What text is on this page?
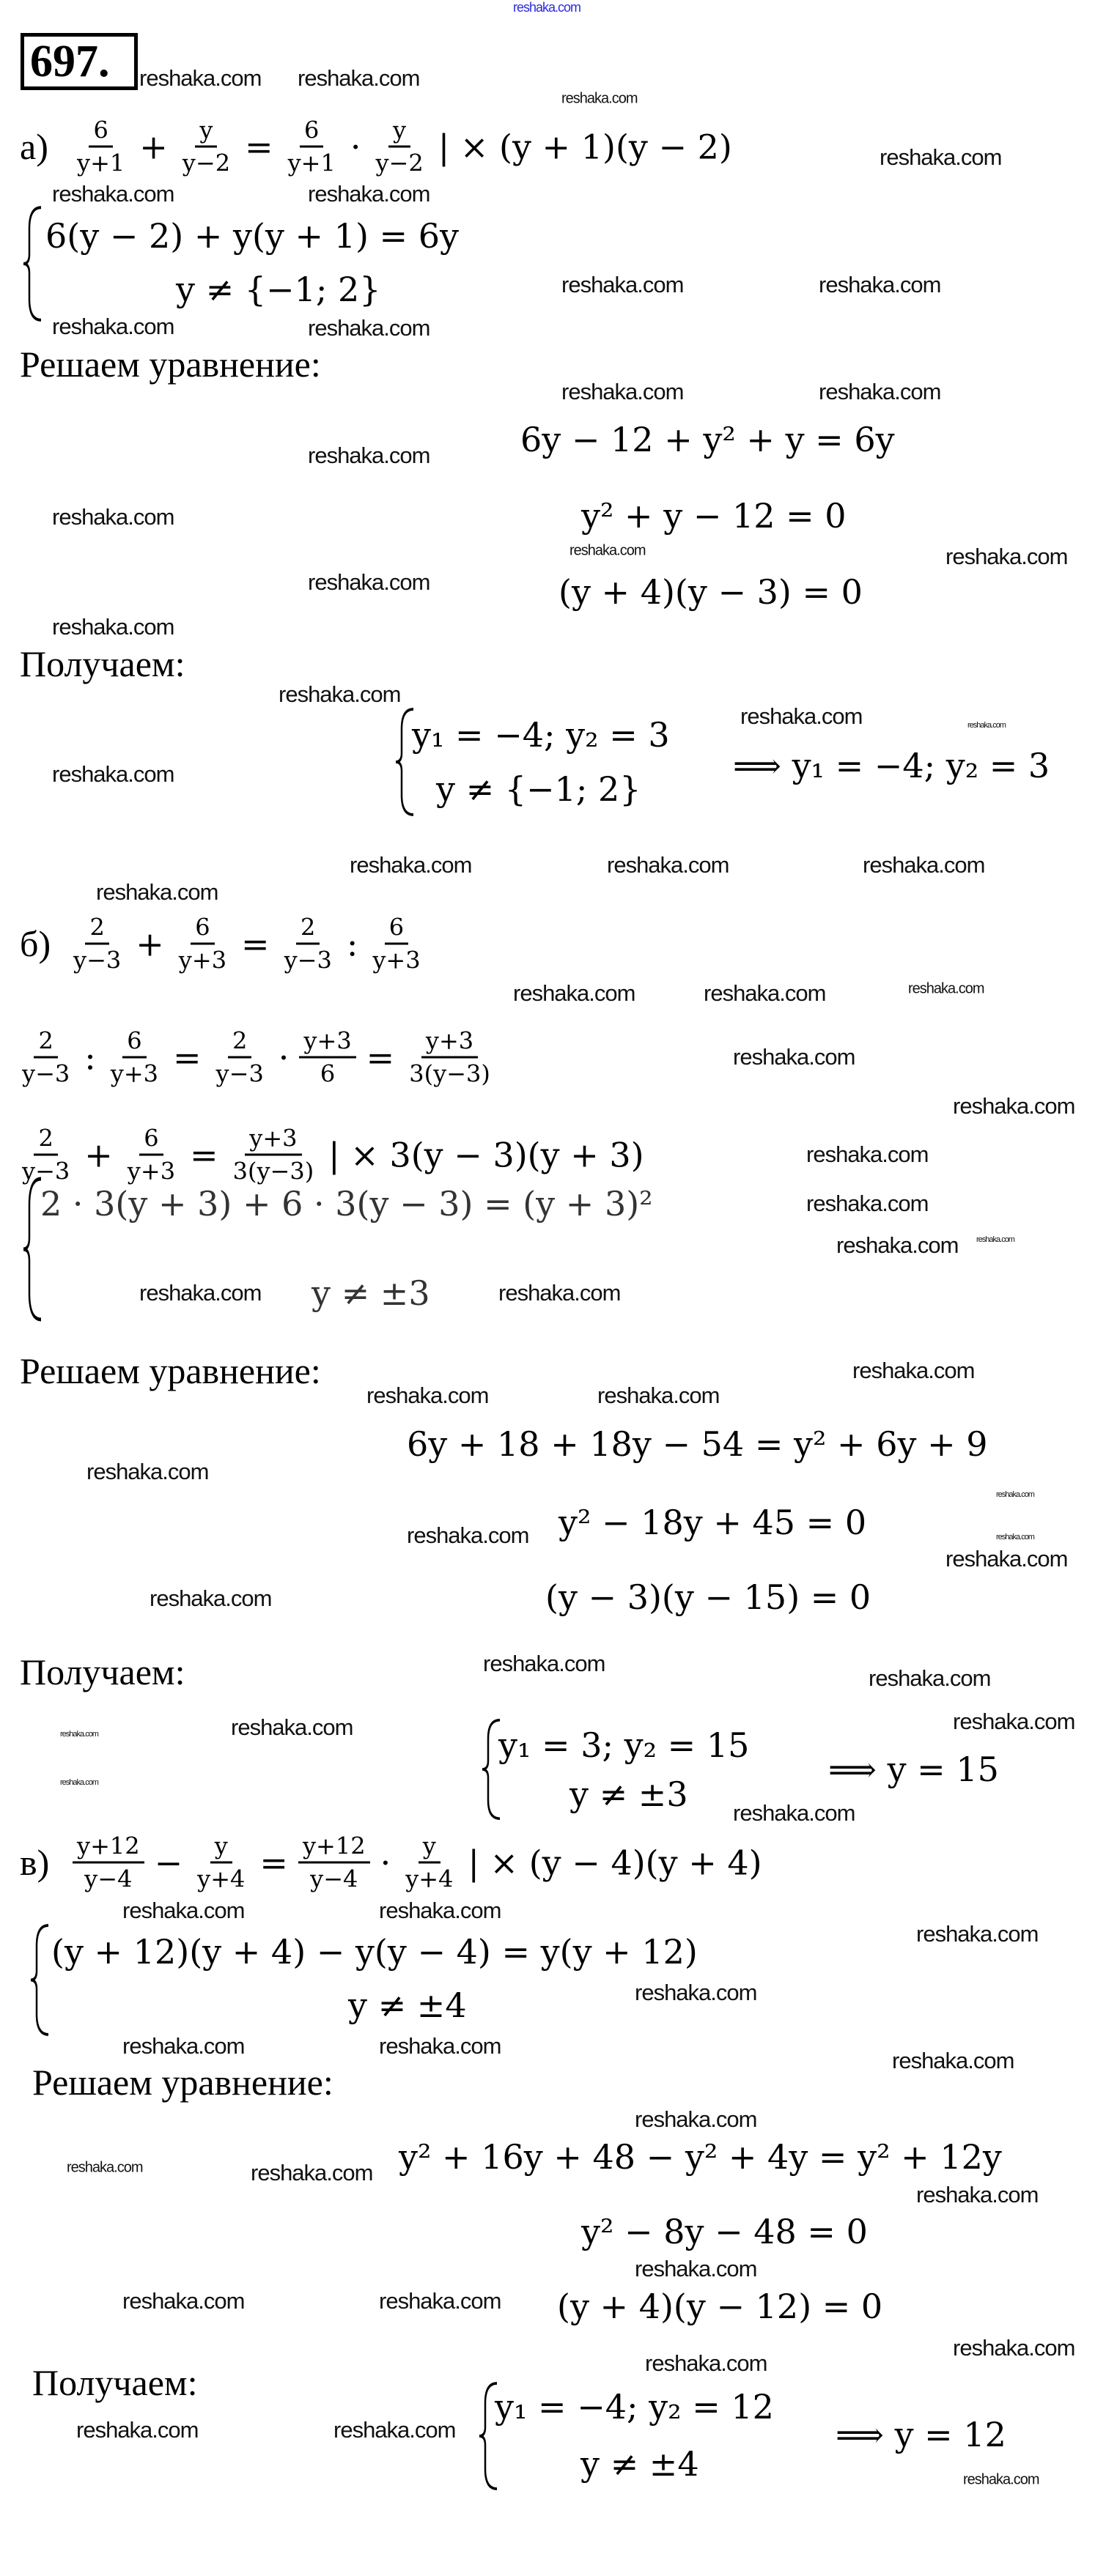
reshaka.com
697.
$а) \frac{6}{y+1} + \frac{y}{y-2} = \frac{6}{y+1} \cdot \frac{y}{y-2}$ | × (y + 1)(y − 2)
6(y − 2) + y(y + 1) = 6y
y ≠ {−1; 2}
Решаем уравнение:
6y − 12 + y² + y = 6y
y² + y − 12 = 0
(y + 4)(y − 3) = 0
Получаем:
y₁ = −4; y₂ = 3
y ≠ {−1; 2}
⟹ y₁ = −4; y₂ = 3
$б) \frac{2}{y-3} + \frac{6}{y+3} = \frac{2}{y-3}$ : $\frac{6}{y+3}$
$\frac{2}{y-3}$ : $\frac{6}{y+3} = \frac{2}{y-3} \cdot \frac{y+3}{6} = \frac{y+3}{3(y-3)}$
$\frac{2}{y-3} + \frac{6}{y+3} = \frac{y+3}{3(y-3)}$ | × 3(y − 3)(y + 3)
2 · 3(y + 3) + 6 · 3(y − 3) = (y + 3)²
y ≠ ±3
Решаем уравнение:
6y + 18 + 18y − 54 = y² + 6y + 9
y² − 18y + 45 = 0
(y − 3)(y − 15) = 0
Получаем:
y₁ = 3; y₂ = 15
y ≠ ±3
⟹ y = 15
$в) \frac{y+12}{y-4} - \frac{y}{y+4} = \frac{y+12}{y-4} \cdot \frac{y}{y+4}$ | × (y − 4)(y + 4)
(y + 12)(y + 4) − y(y − 4) = y(y + 12)
y ≠ ±4
Решаем уравнение:
y² + 16y + 48 − y² + 4y = y² + 12y
y² − 8y − 48 = 0
(y + 4)(y − 12) = 0
Получаем:
y₁ = −4; y₂ = 12
y ≠ ±4
⟹ y = 12
reshaka.com reshaka.com
reshaka.com
reshaka.com
reshaka.com	reshaka.com
reshaka.com	reshaka.com
reshaka.com
reshaka.com
reshaka.com	reshaka.com
reshaka.com
reshaka.com
reshaka.com
reshaka.com	reshaka.com
reshaka.com
reshaka.com
reshaka.com	reshaka.com
reshaka.com
reshaka.com	reshaka.com	reshaka.com
reshaka.com
reshaka.com	reshaka.com	reshaka.com
reshaka.com
reshaka.com
reshaka.com
reshaka.com
reshaka.com
reshaka.com
reshaka.com	reshaka.com
reshaka.com
reshaka.com	reshaka.com
reshaka.com
reshaka.com
reshaka.com	reshaka.com
reshaka.com
reshaka.com
reshaka.com
reshaka.com
reshaka.com
reshaka.com
reshaka.com
reshaka.com
reshaka.com
reshaka.com	reshaka.com
reshaka.com
reshaka.com
reshaka.com	reshaka.com
reshaka.com
reshaka.com
reshaka.com	reshaka.com
reshaka.com
reshaka.com
reshaka.com	reshaka.com
reshaka.com
reshaka.com
reshaka.com	reshaka.com
reshaka.com
